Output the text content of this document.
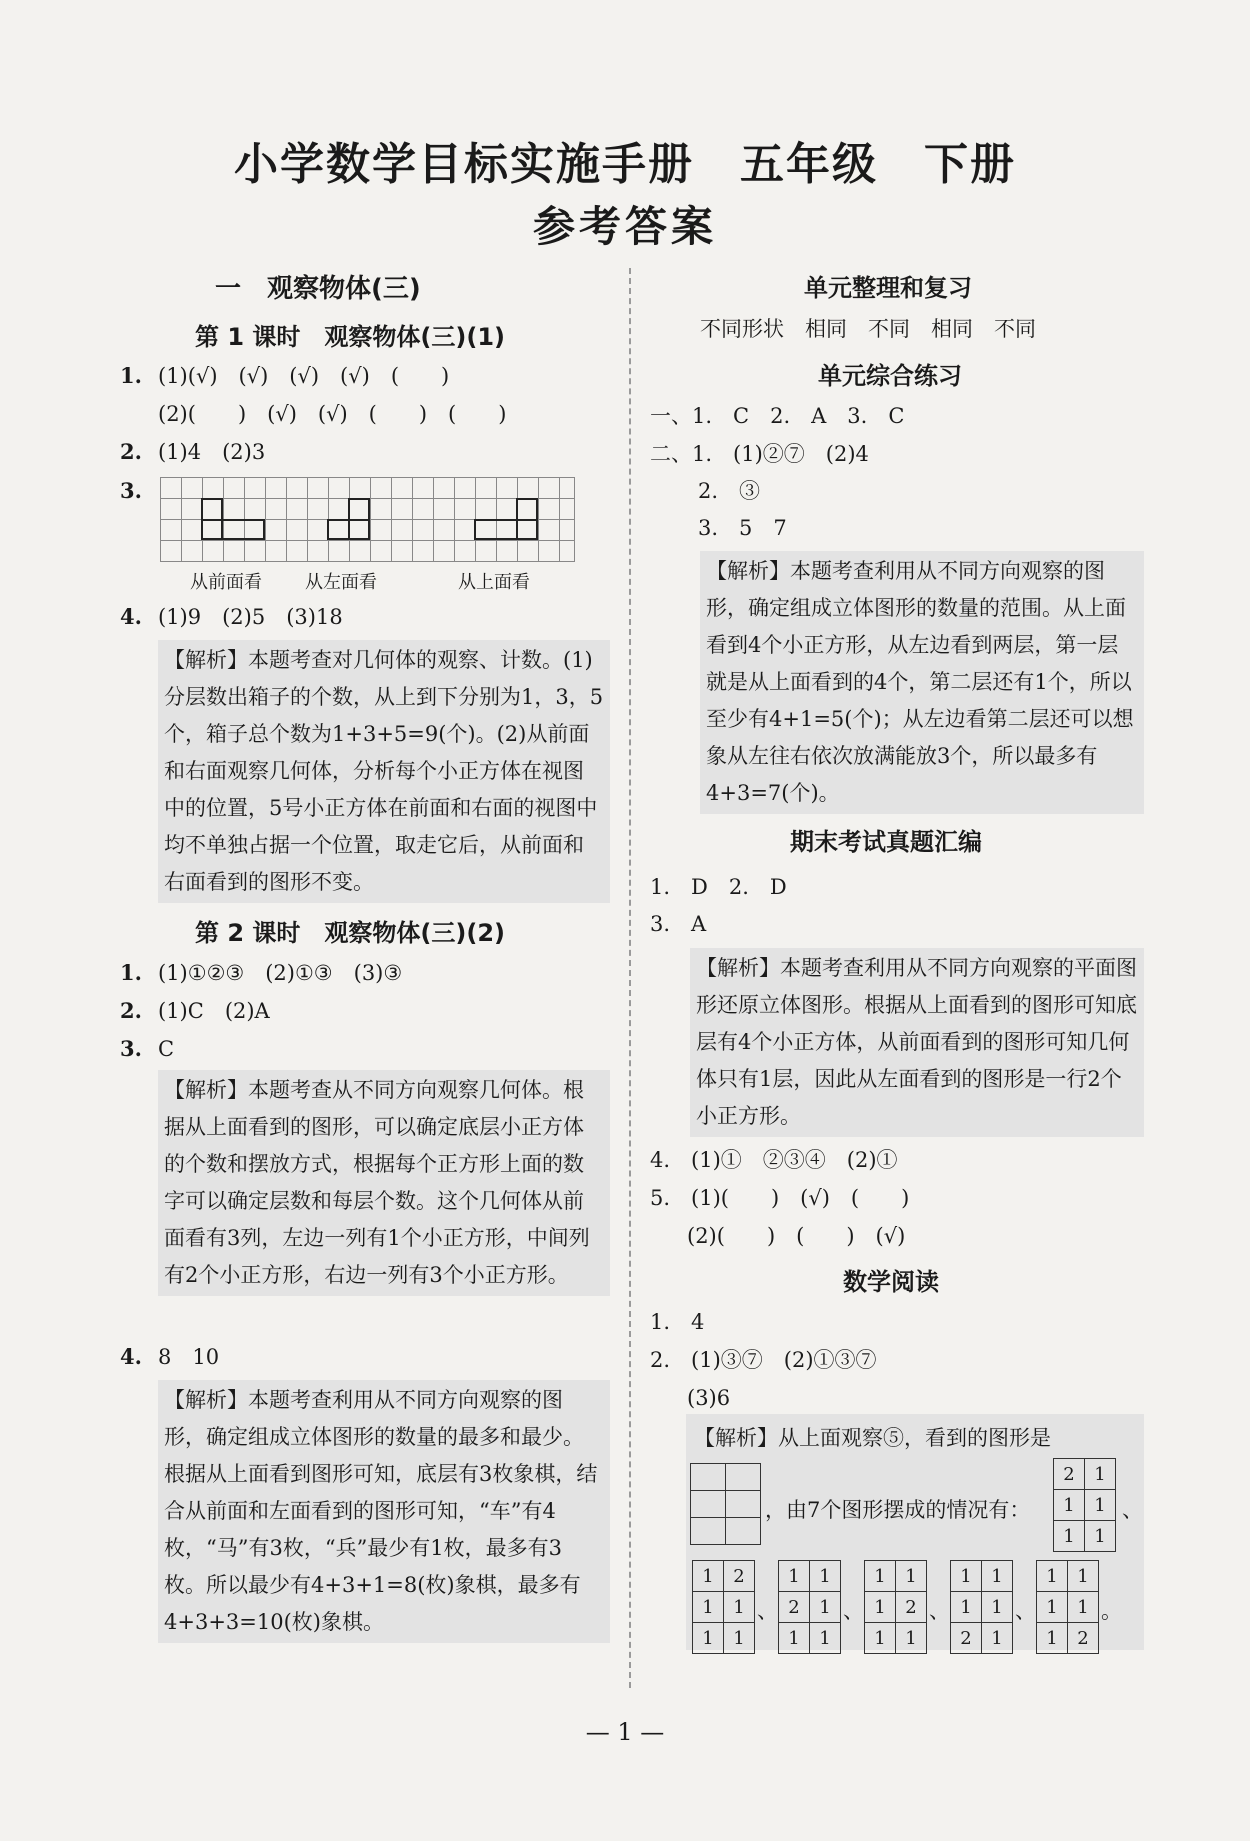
小学数学目标实施手册　五年级　下册
参考答案
一　观察物体(三)
第 1 课时　观察物体(三)(1)
1. (1)(√)　(√)　(√)　(√)　(　　)
(2)(　　)　(√)　(√)　(　　)　(　　)
2. (1)4　(2)3
3.
从前面看 从左面看	从上面看
4. (1)9　(2)5　(3)18
【解析】本题考查对几何体的观察、计数。(1)分层数出箱子的个数，从上到下分别为1，3，5个，箱子总个数为1+3+5=9(个)。(2)从前面和右面观察几何体，分析每个小正方体在视图中的位置，5号小正方体在前面和右面的视图中均不单独占据一个位置，取走它后，从前面和右面看到的图形不变。
第 2 课时　观察物体(三)(2)
1. (1)①②③　(2)①③　(3)③
2. (1)C　(2)A
3. C
【解析】本题考查从不同方向观察几何体。根据从上面看到的图形，可以确定底层小正方体的个数和摆放方式，根据每个正方形上面的数字可以确定层数和每层个数。这个几何体从前面看有3列，左边一列有1个小正方形，中间列有2个小正方形，右边一列有3个小正方形。
4. 8　10
【解析】本题考查利用从不同方向观察的图形，确定组成立体图形的数量的最多和最少。根据从上面看到图形可知，底层有3枚象棋，结合从前面和左面看到的图形可知，“车”有4枚，“马”有3枚，“兵”最少有1枚，最多有3枚。所以最少有4+3+1=8(枚)象棋，最多有4+3+3=10(枚)象棋。
单元整理和复习
不同形状　相同　不同　相同　不同
单元综合练习
一、1.　C　2.　A　3.　C
二、1.　(1)②⑦　(2)4
2.　③
3.　5　7
【解析】本题考查利用从不同方向观察的图形，确定组成立体图形的数量的范围。从上面看到4个小正方形，从左边看到两层，第一层就是从上面看到的4个，第二层还有1个，所以至少有4+1=5(个)；从左边看第二层还可以想象从左往右依次放满能放3个，所以最多有4+3=7(个)。
期末考试真题汇编
1.　D　2.　D
3.　A
【解析】本题考查利用从不同方向观察的平面图形还原立体图形。根据从上面看到的图形可知底层有4个小正方体，从前面看到的图形可知几何体只有1层，因此从左面看到的图形是一行2个小正方形。
4.　(1)①　②③④　(2)①
5.　(1)(　　)　(√)　(　　)
(2)(　　)　(　　)　(√)
数学阅读
1.　4
2.　(1)③⑦　(2)①③⑦
(3)6
【解析】从上面观察⑤，看到的图形是

，由7个图形摆成的情况有：
2	1
1	1
1	1
、
1	2
1	1
1	1
、
1	1
2	1
1	1
、
1	1
1	2
1	1
、
1	1
1	1
2	1
、
1	1
1	1
1	2
。
— 1 —
